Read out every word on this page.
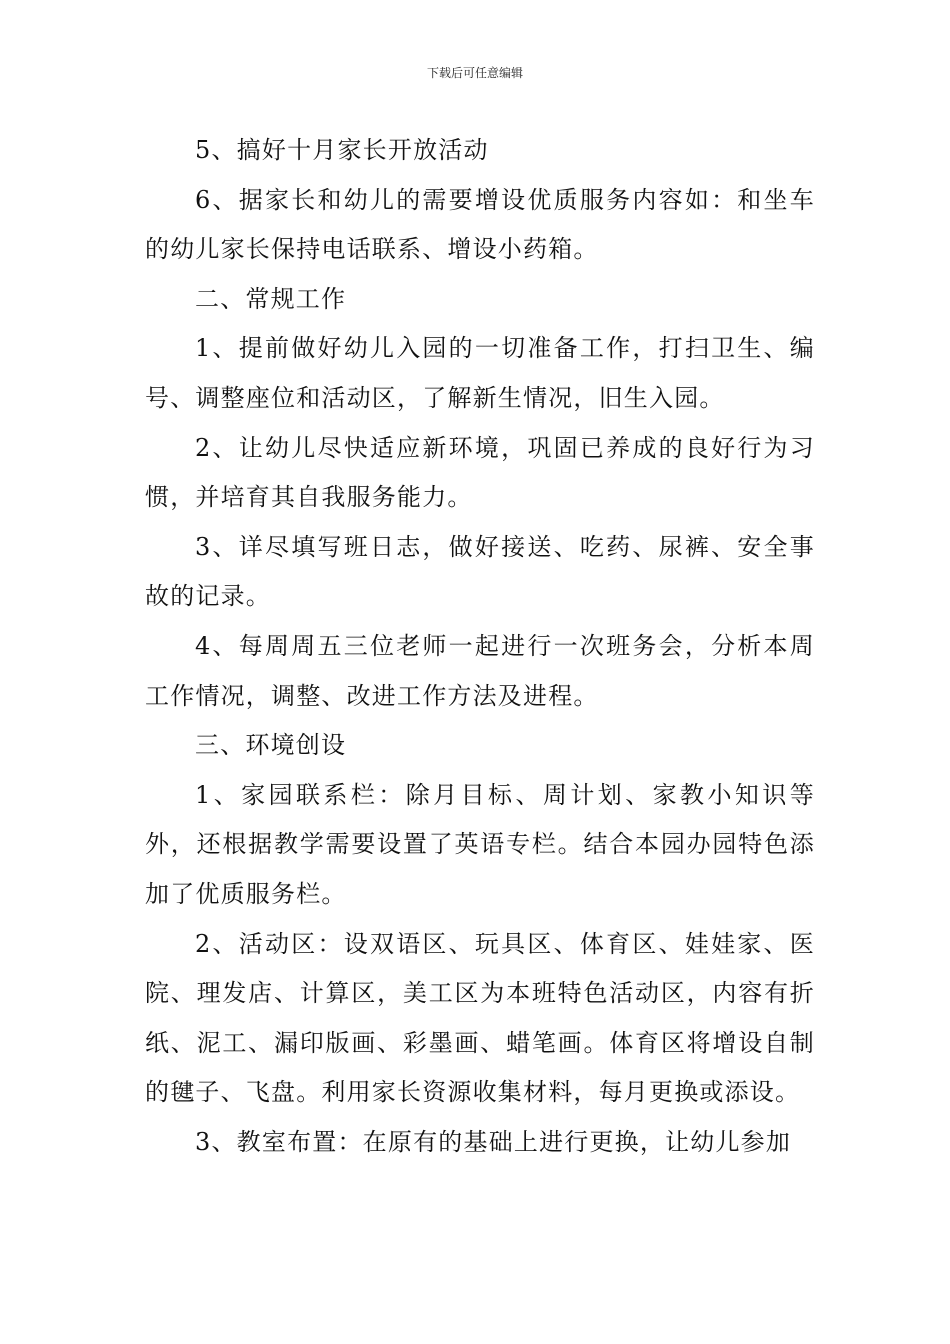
下载后可任意编辑

5、搞好十月家长开放活动

6、据家长和幼儿的需要增设优质服务内容如：和坐车的幼儿家长保持电话联系、增设小药箱。

二、常规工作

1、提前做好幼儿入园的一切准备工作，打扫卫生、编号、调整座位和活动区，了解新生情况，旧生入园。

2、让幼儿尽快适应新环境，巩固已养成的良好行为习惯，并培育其自我服务能力。

3、详尽填写班日志，做好接送、吃药、尿裤、安全事故的记录。

4、每周周五三位老师一起进行一次班务会，分析本周工作情况，调整、改进工作方法及进程。

三、环境创设

1、家园联系栏：除月目标、周计划、家教小知识等外，还根据教学需要设置了英语专栏。结合本园办园特色添加了优质服务栏。

2、活动区：设双语区、玩具区、体育区、娃娃家、医院、理发店、计算区，美工区为本班特色活动区，内容有折纸、泥工、漏印版画、彩墨画、蜡笔画。体育区将增设自制的毽子、飞盘。利用家长资源收集材料，每月更换或添设。

3、教室布置：在原有的基础上进行更换，让幼儿参加
